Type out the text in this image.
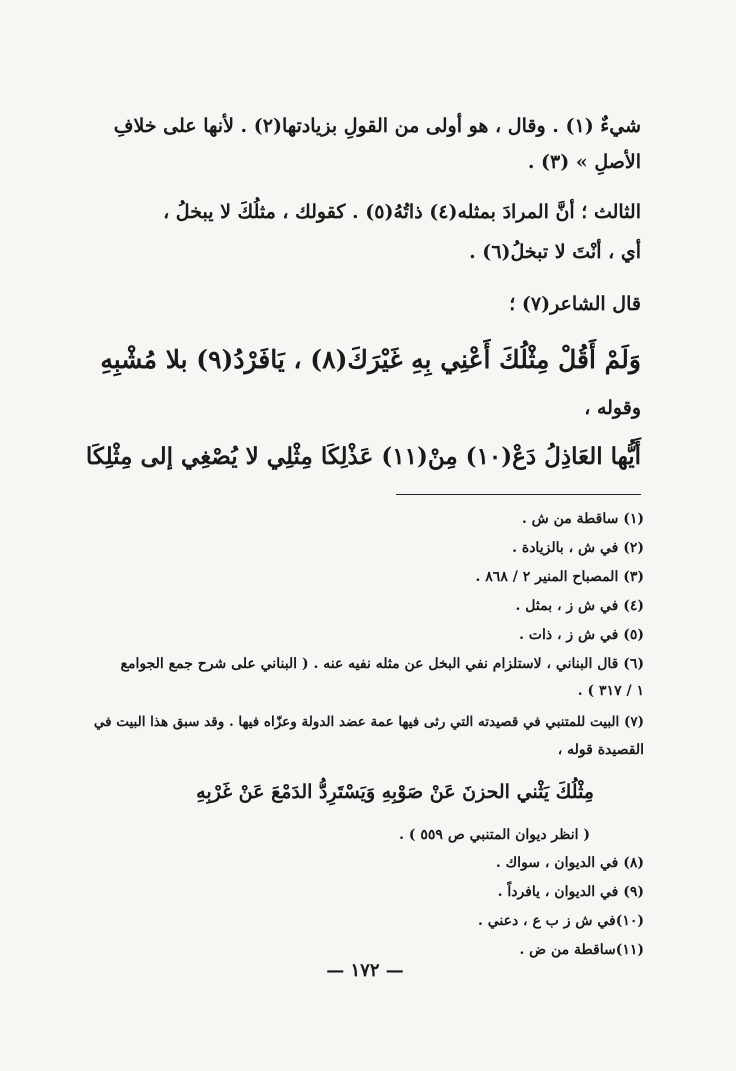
شيءٌ (١) . وقال ، هو أولى من القولِ بزيادتها(٢) . لأنها على خلافِ
الأصلِ » (٣) .
الثالث ؛ أنَّ المرادَ بمثله(٤) ذاتُهُ(٥) . كقولك ، مثلُكَ لا يبخلُ ،
أي ، أنْتَ لا تبخلُ(٦) .
قال الشاعر(٧) ؛
وَلَمْ أَقُلْ مِثْلُكَ أَعْنِي بِهِ غَيْرَكَ(٨) ، يَافَرْدُ(٩) بلا مُشْبِهِ
وقوله ،
أَيُّها العَاذِلُ دَعْ(١٠) مِنْ(١١) عَذْلِكَا مِثْلِي لا يُصْغِي إلى مِثْلِكَا
(١) ساقطة من ش .
(٢) في ش ، بالزيادة .
(٣) المصباح المنير ٢ / ٨٦٨ .
(٤) في ش ز ، بمثل .
(٥) في ش ز ، ذات .
(٦) قال البناني ، لاستلزام نفي البخل عن مثله نفيه عنه . ( البناني على شرح جمع الجوامع
١ / ٣١٧ ) .
(٧) البيت للمتنبي في قصيدته التي رثى فيها عمة عضد الدولة وعزّاه فيها . وقد سبق هذا البيت في
القصيدة قوله ،
مِثْلُكَ يَثْني الحزنَ عَنْ صَوْبِهِ وَيَسْتَرِدُّ الدَمْعَ عَنْ غَرْبِهِ
( انظر ديوان المتنبي ص ٥٥٩ ) .
(٨) في الديوان ، سواك .
(٩) في الديوان ، يافرداً .
(١٠)في ش ز ب ع ، دعني .
(١١)ساقطة من ض .
— ١٧٢ —
